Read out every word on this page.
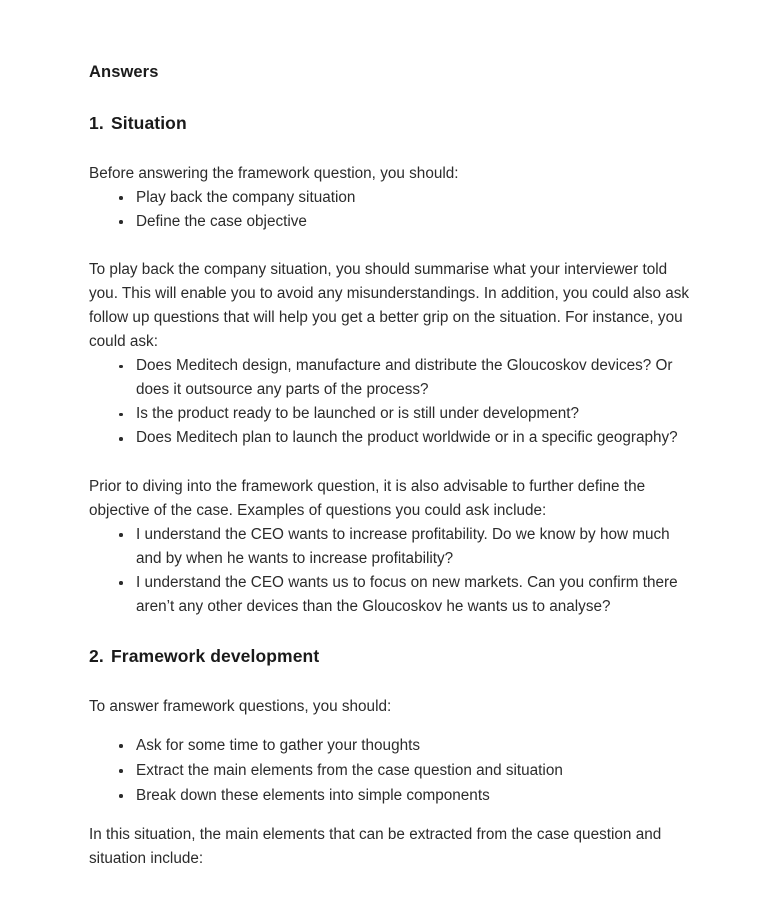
Answers
1. Situation

Before answering the framework question, you should:

Play back the company situation
Define the case objective

To play back the company situation, you should summarise what your interviewer told you. This will enable you to avoid any misunderstandings. In addition, you could also ask follow up questions that will help you get a better grip on the situation. For instance, you could ask:

Does Meditech design, manufacture and distribute the Gloucoskov devices? Or does it outsource any parts of the process?
Is the product ready to be launched or is still under development?
Does Meditech plan to launch the product worldwide or in a specific geography?

Prior to diving into the framework question, it is also advisable to further define the objective of the case. Examples of questions you could ask include:

I understand the CEO wants to increase profitability. Do we know by how much and by when he wants to increase profitability?
I understand the CEO wants us to focus on new markets. Can you confirm there aren’t any other devices than the Gloucoskov he wants us to analyse?
2. Framework development

To answer framework questions, you should:

Ask for some time to gather your thoughts
Extract the main elements from the case question and situation
Break down these elements into simple components

In this situation, the main elements that can be extracted from the case question and situation include:
